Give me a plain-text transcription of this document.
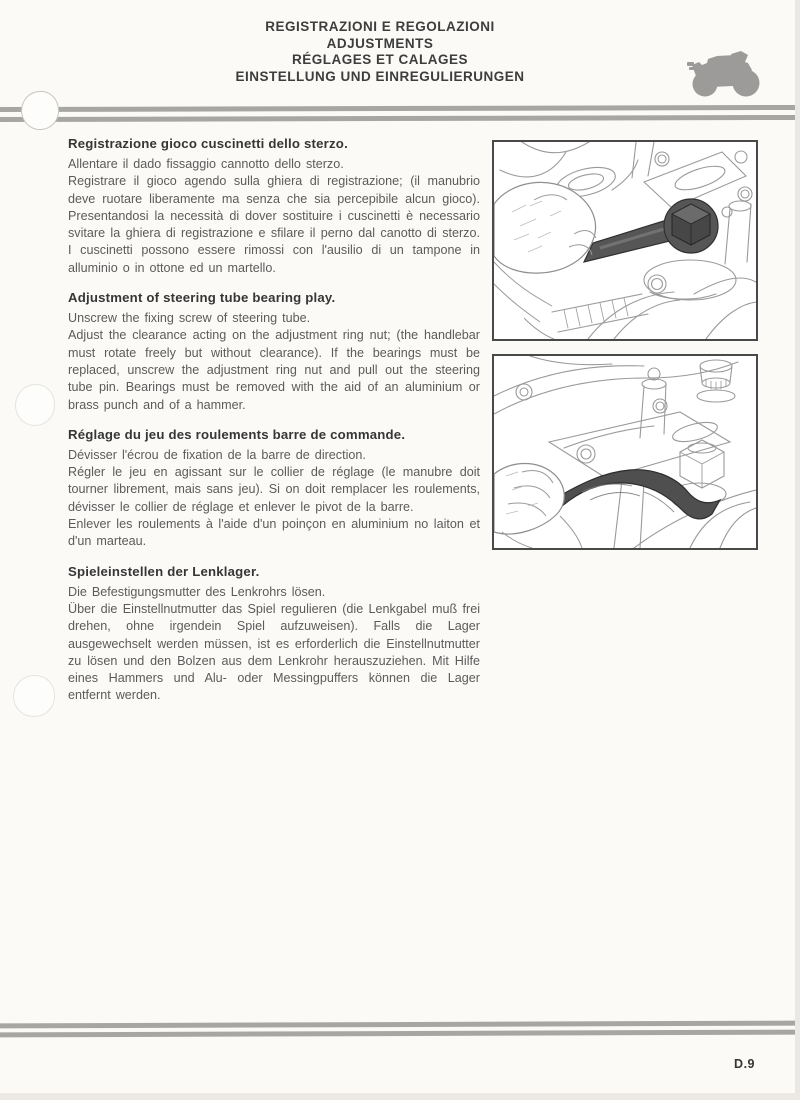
REGISTRAZIONI E REGOLAZIONI
ADJUSTMENTS
RÉGLAGES ET CALAGES
EINSTELLUNG UND EINREGULIERUNGEN
Registrazione gioco cuscinetti dello sterzo.

Allentare il dado fissaggio cannotto dello sterzo.

Registrare il gioco agendo sulla ghiera di registrazione; (il manubrio deve ruotare liberamente ma senza che sia percepibile alcun gioco). Presentandosi la necessità di dover sostituire i cuscinetti è necessario svitare la ghiera di registrazione e sfilare il perno dal canotto di sterzo. I cuscinetti possono essere rimossi con l'ausilio di un tampone in alluminio o in ottone ed un martello.

Adjustment of steering tube bearing play.

Unscrew the fixing screw of steering tube.

Adjust the clearance acting on the adjustment ring nut; (the handlebar must rotate freely but without clearance). If the bearings must be replaced, unscrew the adjustment ring nut and pull out the steering tube pin. Bearings must be removed with the aid of an aluminium or brass punch and of a hammer.

Réglage du jeu des roulements barre de commande.

Dévisser l'écrou de fixation de la barre de direction.

Régler le jeu en agissant sur le collier de réglage (le manubre doit tourner librement, mais sans jeu). Si on doit remplacer les roulements, dévisser le collier de réglage et enlever le pivot de la barre.

Enlever les roulements à l'aide d'un poinçon en aluminium no laiton et d'un marteau.

Spieleinstellen der Lenklager.

Die Befestigungsmutter des Lenkrohrs lösen.

Über die Einstellnutmutter das Spiel regulieren (die Lenkgabel muß frei drehen, ohne irgendein Spiel aufzuweisen). Falls die Lager ausgewechselt werden müssen, ist es erforderlich die Einstellnutmutter zu lösen und den Bolzen aus dem Lenkrohr herauszuziehen. Mit Hilfe eines Hammers und Alu- oder Messingpuffers können die Lager entfernt werden.

D.9
